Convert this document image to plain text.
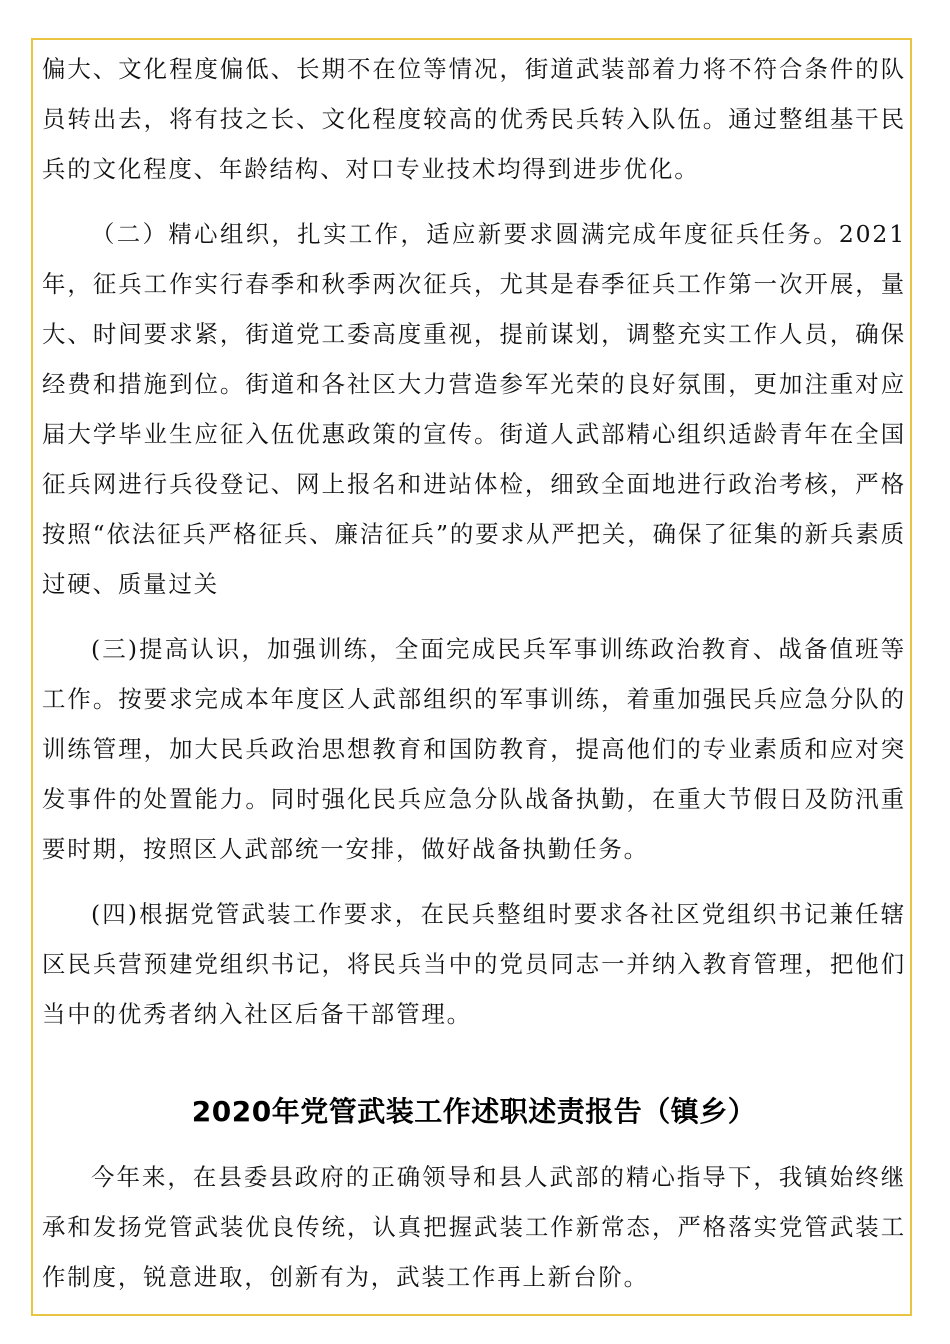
偏大、文化程度偏低、长期不在位等情况，街道武装部着力将不符合条件的队员转出去，将有技之长、文化程度较高的优秀民兵转入队伍。通过整组基干民兵的文化程度、年龄结构、对口专业技术均得到进步优化。

（二）精心组织，扎实工作，适应新要求圆满完成年度征兵任务。2021年，征兵工作实行春季和秋季两次征兵，尤其是春季征兵工作第一次开展，量大、时间要求紧，街道党工委高度重视，提前谋划，调整充实工作人员，确保经费和措施到位。街道和各社区大力营造参军光荣的良好氛围，更加注重对应届大学毕业生应征入伍优惠政策的宣传。街道人武部精心组织适龄青年在全国征兵网进行兵役登记、网上报名和进站体检，细致全面地进行政治考核，严格按照“依法征兵严格征兵、廉洁征兵”的要求从严把关，确保了征集的新兵素质过硬、质量过关

(三)提高认识，加强训练，全面完成民兵军事训练政治教育、战备值班等工作。按要求完成本年度区人武部组织的军事训练，着重加强民兵应急分队的训练管理，加大民兵政治思想教育和国防教育，提高他们的专业素质和应对突发事件的处置能力。同时强化民兵应急分队战备执勤，在重大节假日及防汛重要时期，按照区人武部统一安排，做好战备执勤任务。

(四)根据党管武装工作要求，在民兵整组时要求各社区党组织书记兼任辖区民兵营预建党组织书记，将民兵当中的党员同志一并纳入教育管理，把他们当中的优秀者纳入社区后备干部管理。

2020年党管武装工作述职述责报告（镇乡）

今年来，在县委县政府的正确领导和县人武部的精心指导下，我镇始终继承和发扬党管武装优良传统，认真把握武装工作新常态，严格落实党管武装工作制度，锐意进取，创新有为，武装工作再上新台阶。
